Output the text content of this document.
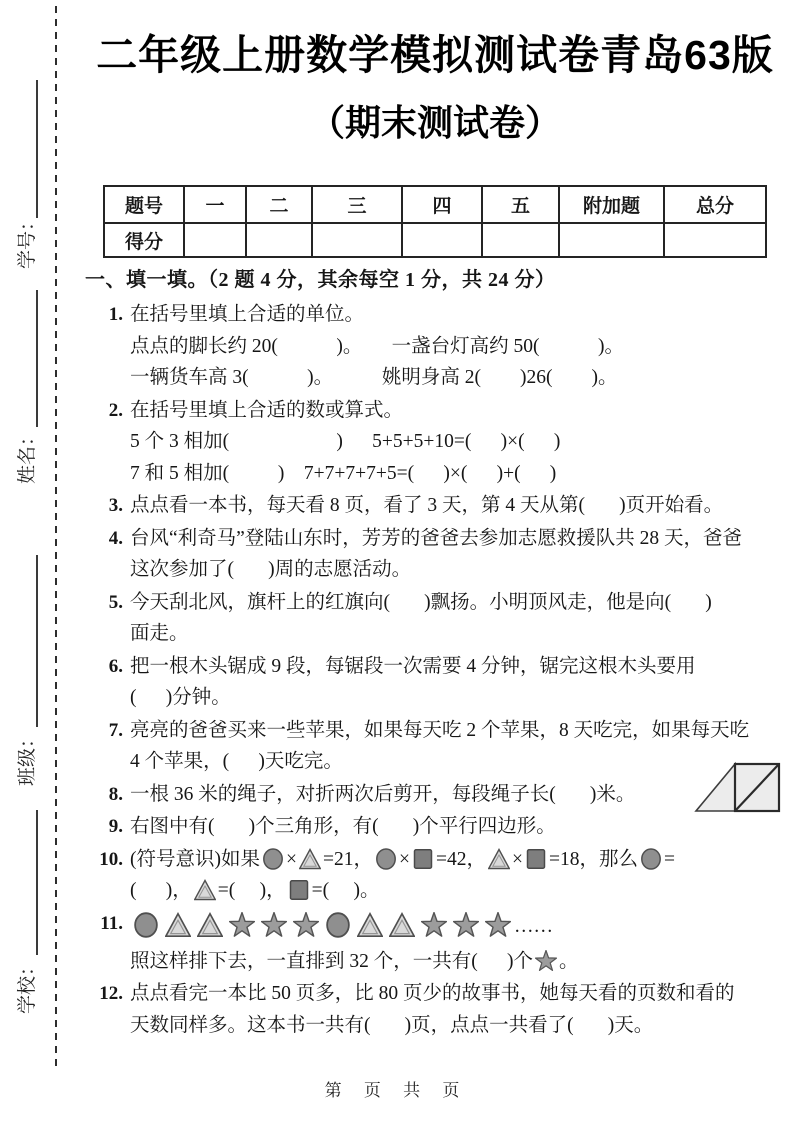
学号：
姓名：
班级：
学校：
二年级上册数学模拟测试卷青岛63版
（期末测试卷）
题号	一	二	三	四	五	附加题	总分
得分							
一、填一填。（2 题 4 分，其余每空 1 分，共 24 分）
1. 在括号里填上合适的单位。
点点的脚长约 20(            )。      一盏台灯高约 50(            )。
一辆货车高 3(            )。          姚明身高 2(        )26(        )。
2. 在括号里填上合适的数或算式。
5 个 3 相加(                      )      5+5+5+10=(      )×(      )
7 和 5 相加(          )    7+7+7+7+5=(      )×(      )+(      )
3. 点点看一本书，每天看 8 页，看了 3 天，第 4 天从第(       )页开始看。
4. 台风“利奇马”登陆山东时，芳芳的爸爸去参加志愿救援队共 28 天，爸爸
这次参加了(       )周的志愿活动。
5. 今天刮北风，旗杆上的红旗向(       )飘扬。小明顶风走，他是向(       )
面走。
6. 把一根木头锯成 9 段，每锯段一次需要 4 分钟，锯完这根木头要用
(      )分钟。
7. 亮亮的爸爸买来一些苹果，如果每天吃 2 个苹果，8 天吃完，如果每天吃
4 个苹果，(      )天吃完。
8. 一根 36 米的绳子，对折两次后剪开，每段绳子长(       )米。
9. 右图中有(       )个三角形，有(       )个平行四边形。
10. (符号意识)如果 × =21， × =42， × =18，那么 =
(      )， =(     )， =(     )。
11.	……
照这样排下去，一直排到 32 个，一共有(      )个 。
12. 点点看完一本比 50 页多，比 80 页少的故事书，她每天看的页数和看的
天数同样多。这本书一共有(       )页，点点一共看了(       )天。
第 页 共 页
